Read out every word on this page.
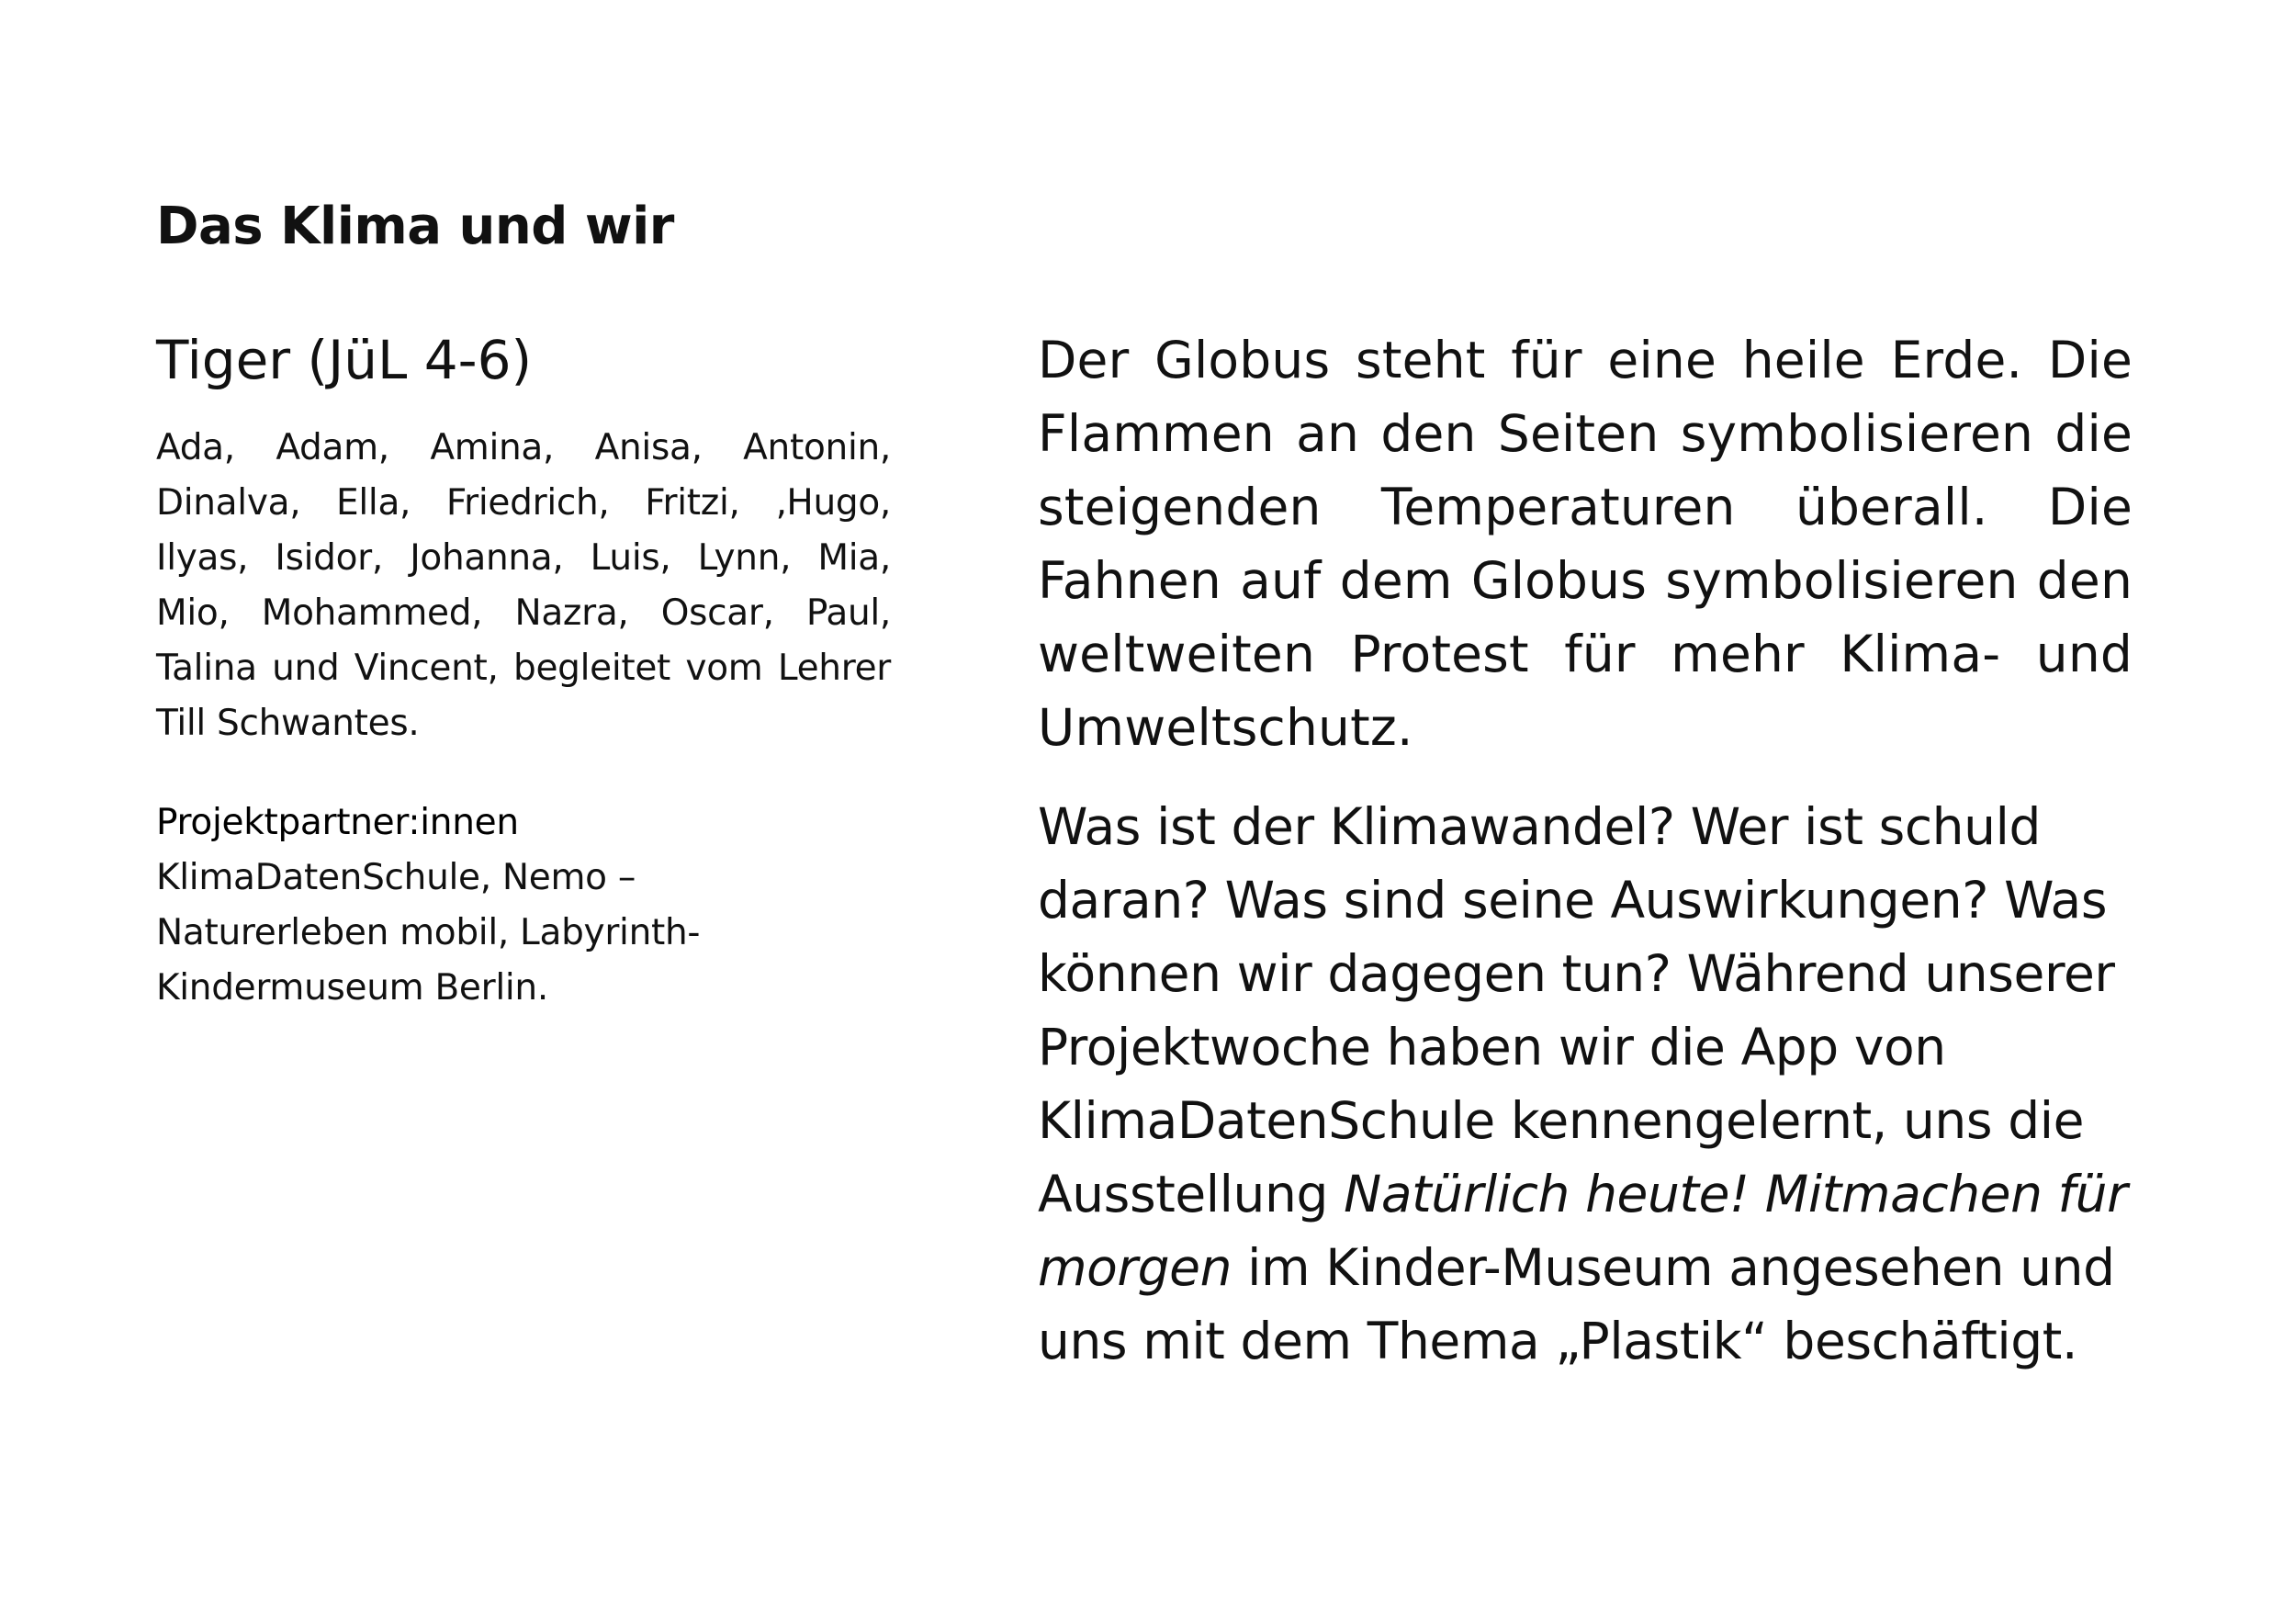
Das Klima und wir
Tiger (JüL 4-6)

Ada, Adam, Amina, Anisa, Antonin, Dinalva, Ella, Friedrich, Fritzi, ‚Hugo, Ilyas, Isidor, Johanna, Luis, Lynn, Mia, Mio, Mohammed, Nazra, Oscar, Paul, Talina und Vincent, begleitet vom Lehrer Till Schwantes.

Projektpartner:innen
KlimaDatenSchule, Nemo – Naturerleben mobil, Labyrinth-Kindermuseum Berlin.

Der Globus steht für eine heile Erde. Die Flammen an den Seiten symbolisieren die steigenden Temperaturen überall. Die Fahnen auf dem Globus symbolisieren den weltweiten Protest für mehr Klima- und Umweltschutz.

Was ist der Klimawandel? Wer ist schuld daran? Was sind seine Auswirkungen? Was können wir dagegen tun? Während unserer Projektwoche haben wir die App von KlimaDatenSchule kennengelernt, uns die Ausstellung Natürlich heute! Mitmachen für morgen im Kinder-Museum angesehen und uns mit dem Thema „Plastik“ beschäftigt.
